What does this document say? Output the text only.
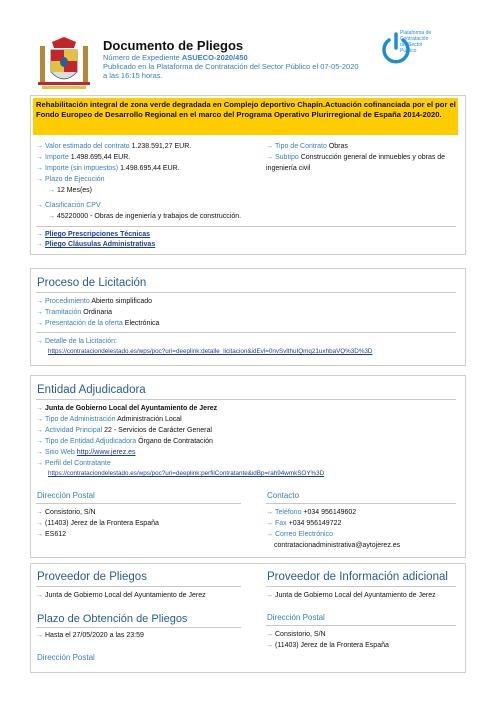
Documento de Pliegos
Número de Expediente ASUECO-2020/450
Publicado en la Plataforma de Contratación del Sector Público el 07-05-2020
a las 16:15 horas.
Plataforma de
Contratación
del Sector
Público
Rehabilitación integral de zona verde degradada en Complejo deportivo Chapín.Actuación cofinanciada por el por el Fondo Europeo de Desarrollo Regional en el marco del Programa Operativo Plurirregional de España 2014-2020.
→ Valor estimado del contrato 1.238.591,27 EUR.
→ Importe 1.498.695,44 EUR.
→ Importe (sin impuestos) 1.498.695,44 EUR.
→ Plazo de Ejecución
→ 12 Mes(es)
→ Tipo de Contrato Obras
→ Subtipo Construcción general de inmuebles y obras de
ingeniería civil
→ Clasificación CPV
→ 45220000 - Obras de ingeniería y trabajos de construcción.
→ Pliego Prescripciones Técnicas
→ Pliego Cláusulas Administrativas
Proceso de Licitación
→ Procedimiento Abierto simplificado
→ Tramitación Ordinaria
→ Presentación de la oferta Electrónica
→ Detalle de la Licitación:
https://contrataciondelestado.es/wps/poc?uri=deeplink:detalle_licitacion&idEvl=0nvSvlthuIQmq21uxhbaVQ%3D%3D
Entidad Adjudicadora
→ Junta de Gobierno Local del Ayuntamiento de Jerez
→ Tipo de Administración Administración Local
→ Actividad Principal 22 - Servicios de Carácter General
→ Tipo de Entidad Adjudicadora Órgano de Contratación
→ Sitio Web http://www.jerez.es
→ Perfil del Contratante
https://contrataciondelestado.es/wps/poc?uri=deeplink:perfilContratante&idBp=rah94wmkSOY%3D
Dirección Postal
→ Consistorio, S/N
→ (11403) Jerez de la Frontera España
→ ES612
Contacto
→ Teléfono +034 956149602
→ Fax +034 956149722
→ Correo Electrónico
contratacionadministrativa@aytojerez.es
Proveedor de Pliegos
→ Junta de Gobierno Local del Ayuntamiento de Jerez
Plazo de Obtención de Pliegos
→ Hasta el 27/05/2020 a las 23:59
Dirección Postal
Proveedor de Información adicional
→ Junta de Gobierno Local del Ayuntamiento de Jerez
Dirección Postal
→ Consistorio, S/N
→ (11403) Jerez de la Frontera España
